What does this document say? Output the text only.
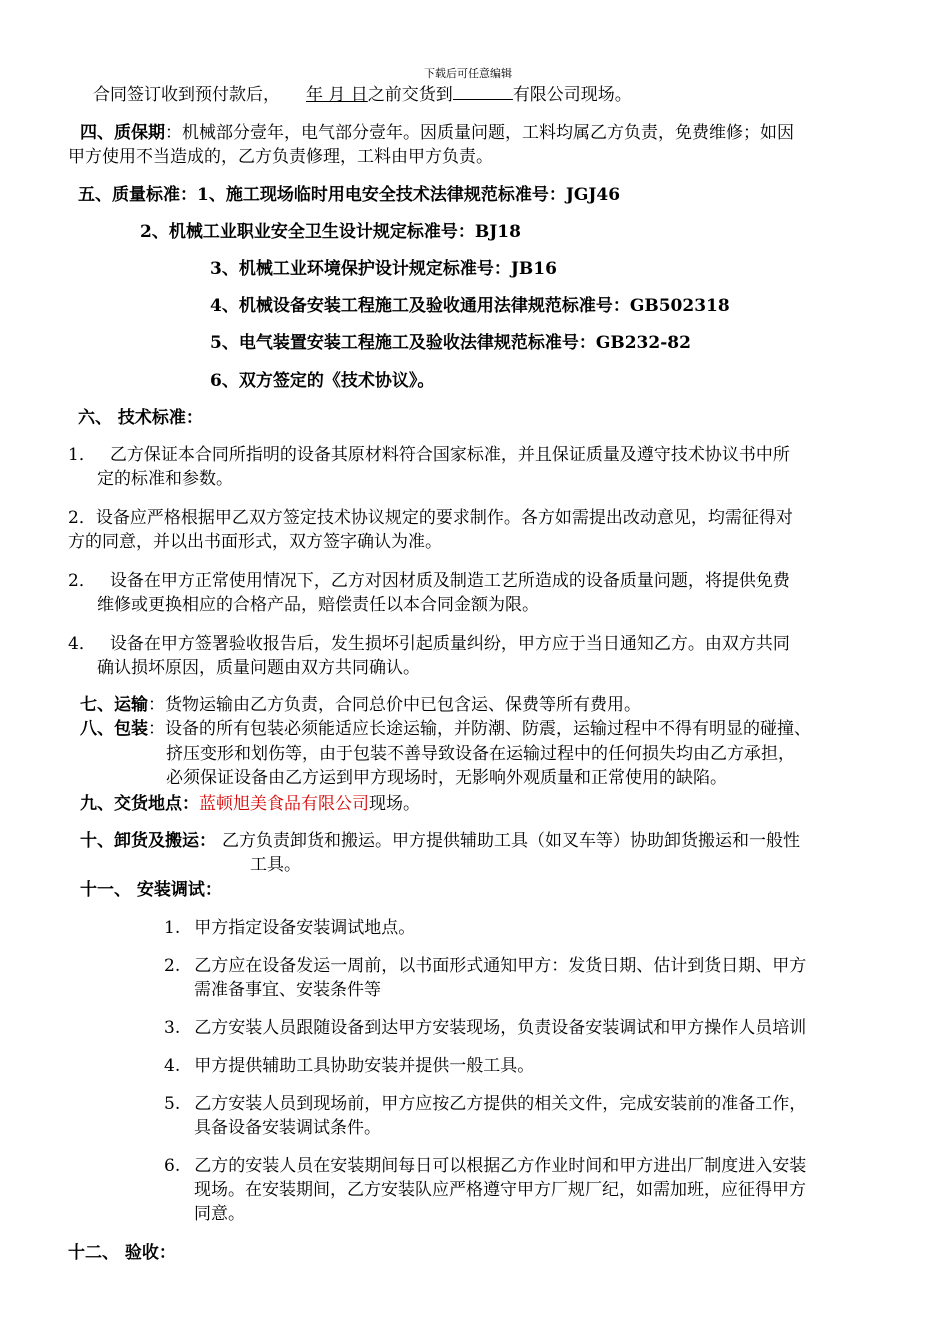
下载后可任意编辑
合同签订收到预付款后， 年 月 日之前交货到	有限公司现场。
四、质保期：机械部分壹年，电气部分壹年。因质量问题，工料均属乙方负责，免费维修；如因
甲方使用不当造成的，乙方负责修理，工料由甲方负责。
五、质量标准：1、施工现场临时用电安全技术法律规范标准号：JGJ46
2、机械工业职业安全卫生设计规定标准号：BJ18
3、机械工业环境保护设计规定标准号：JB16
4、机械设备安装工程施工及验收通用法律规范标准号：GB502318
5、电气装置安装工程施工及验收法律规范标准号：GB232-82
6、双方签定的《技术协议》。
六、 技术标准：
1． 乙方保证本合同所指明的设备其原材料符合国家标准，并且保证质量及遵守技术协议书中所
定的标准和参数。
2．设备应严格根据甲乙双方签定技术协议规定的要求制作。各方如需提出改动意见，均需征得对
方的同意，并以出书面形式，双方签字确认为准。
2． 设备在甲方正常使用情况下，乙方对因材质及制造工艺所造成的设备质量问题，将提供免费
维修或更换相应的合格产品，赔偿责任以本合同金额为限。
4． 设备在甲方签署验收报告后，发生损坏引起质量纠纷，甲方应于当日通知乙方。由双方共同
确认损坏原因，质量问题由双方共同确认。
七、运输：货物运输由乙方负责，合同总价中已包含运、保费等所有费用。
八、包装：设备的所有包装必须能适应长途运输，并防潮、防震，运输过程中不得有明显的碰撞、
挤压变形和划伤等，由于包装不善导致设备在运输过程中的任何损失均由乙方承担，
必须保证设备由乙方运到甲方现场时，无影响外观质量和正常使用的缺陷。
九、交货地点：蓝顿旭美食品有限公司现场。
十、卸货及搬运： 乙方负责卸货和搬运。甲方提供辅助工具（如叉车等）协助卸货搬运和一般性
工具。
十一、 安装调试：
1. 甲方指定设备安装调试地点。
2. 乙方应在设备发运一周前，以书面形式通知甲方：发货日期、估计到货日期、甲方
需准备事宜、安装条件等
3. 乙方安装人员跟随设备到达甲方安装现场，负责设备安装调试和甲方操作人员培训
4. 甲方提供辅助工具协助安装并提供一般工具。
5. 乙方安装人员到现场前，甲方应按乙方提供的相关文件，完成安装前的准备工作，
具备设备安装调试条件。
6. 乙方的安装人员在安装期间每日可以根据乙方作业时间和甲方进出厂制度进入安装
现场。在安装期间，乙方安装队应严格遵守甲方厂规厂纪，如需加班，应征得甲方
同意。
十二、 验收：
